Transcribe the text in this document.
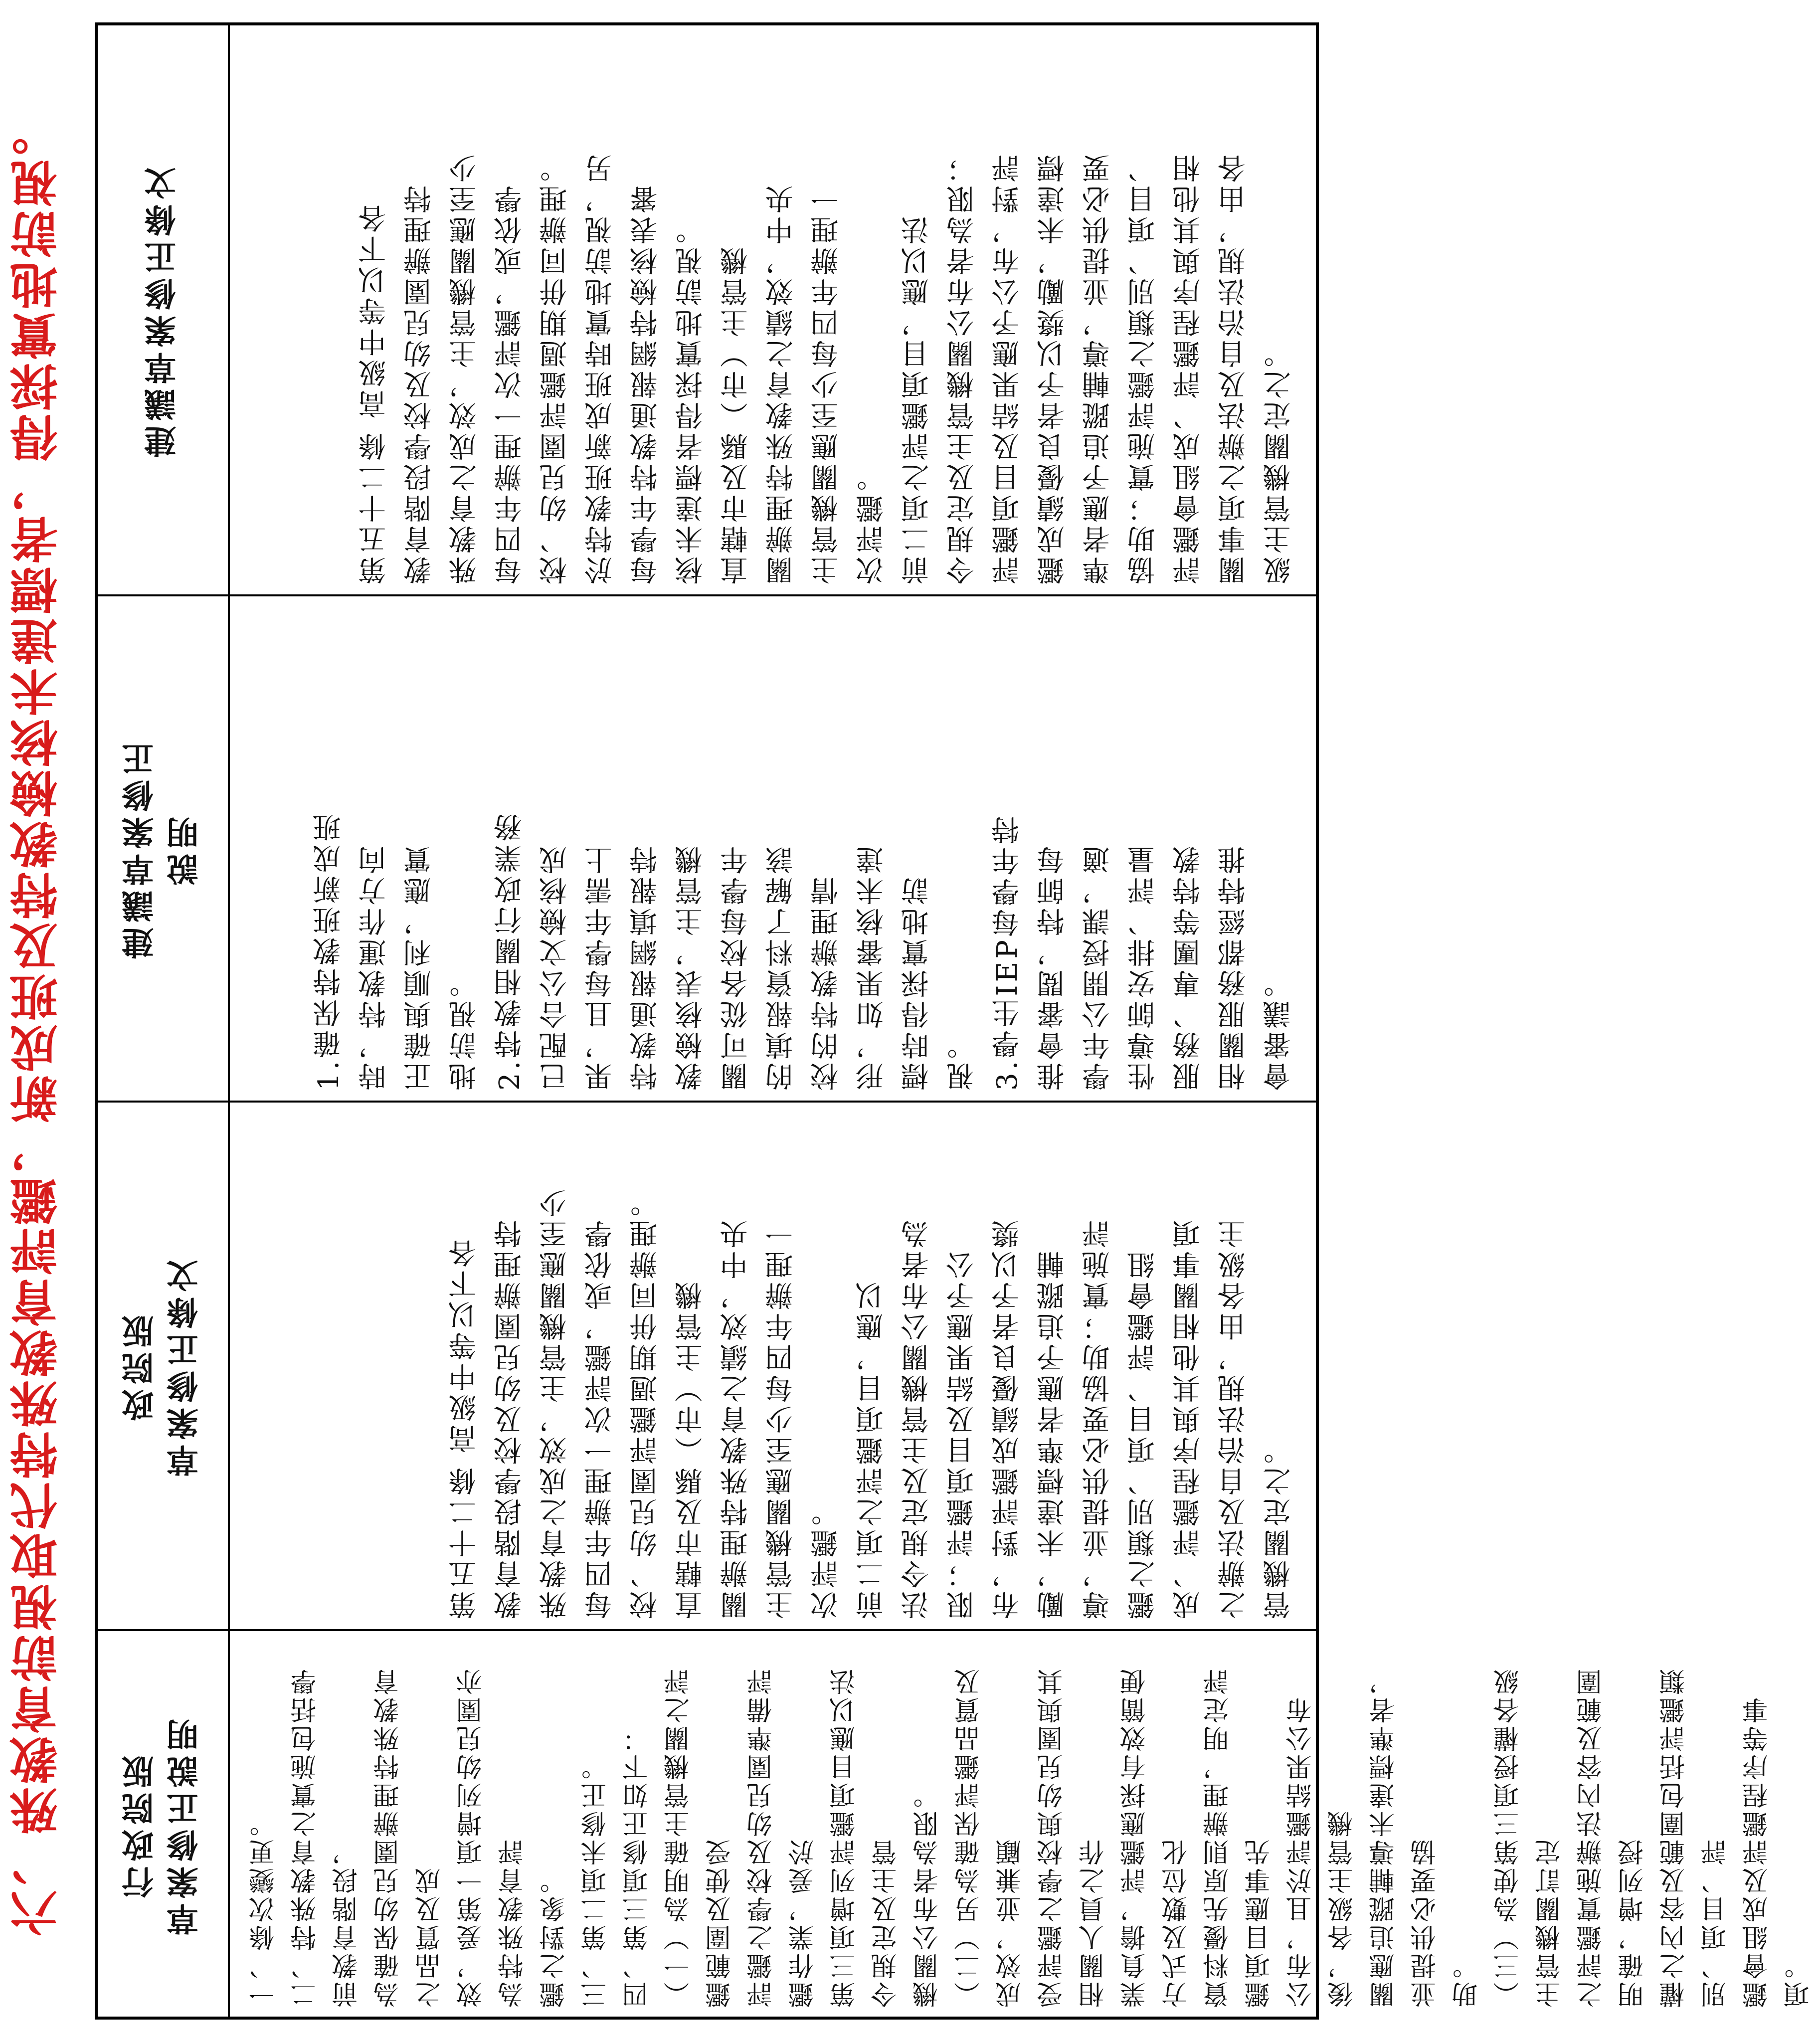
六、殊教育訪視取代特殊教育評鑑，新成班及特教檢核未達標者，得採實地訪視。 建議草案修正條文
第五十二條 高級中等以下各
教育階段學校及幼兒園辦理特
殊教育之成效，主管機關應至少
每四年辦理一次評鑑，或依學
校、幼兒園評鑑週期併同辦理。
於特教班新成班時實地訪視，另
每學年特教通報網特檢核表審
核未達標者得採實地訪視。
直轄市及縣（市）主管機
關辦理特殊教育之績效，中央
主管機關應至少每四年辦理一
次評鑑。
前二項之評鑑項目，應以法
令規定及主管機關公布者為限；
評鑑項目及結果應予公布，對評
鑑成績優良者予以獎勵，未達標
準者應予追蹤輔導，並提供必要
協助；實施評鑑之類別、項目、
評鑑會組成、評鑑程序與其他相
關事項之辦法及自治法規，由各
級主管機關定之。
建議草案修正
說明	1.確保特教班新成班
時，特教運作方向
正確與順利，應實
地訪視。
2.特教相關行政業務
已配合公文檢核成
果，且每學年需上
特教通報網填報特
教檢核表，主管機
關可從各校每學年
的填報資料了解該
校的特教辦理情
形，如果審核未達
標時得採實地訪
視。
3.學生IEP每學年特
推會審閱，特師每
學年公開授課，適
性導師安排、評量
服務、專團等特教
相關服務都經特推
會審議。
政院版
草案修正條文
第五十二條 高級中等以下各
教育階段學校及幼兒園辦理特
殊教育之成效，主管機關應至少
每四年辦理一次評鑑，或依學
校、幼兒園評鑑週期併同辦理。
直轄市及縣（市）主管機
關辦理特殊教育之績效，中央
主管機關應至少每四年辦理一
次評鑑。
前二項之評鑑項目，應以
法令規定及主管機關公布者為
限；評鑑項目及結果應予公
布，對評鑑成績優良者予以獎
勵，未達標準者應予追蹤輔
導，並提供必要協助；實施評
鑑之類別、項目、評鑑會組
成、評鑑程序與其他相關事項
之辦法及自治法規，由各級主
管機關定之。
行政院版
草案修正說明 一、條次變更。
二、特殊教育之實施包括學前教育階段，
為確保幼兒園辦理特殊教育之品質及成
效，爰第一項增列幼兒園亦為特殊教育評
鑑之對象。
三、第二項未修正。
四、第三項修正如下：
（一）為明確主管機關之評鑑範圍及使受
評鑑之學校及幼兒園準備評鑑作業，爰於
第三項增列評鑑項目應以法令規定及主管
機關公布者為限。
（二）另為確保評鑑品質及成效，並兼顧
受評鑑之學校與幼兒園與其相關人員之作
業負擔，評鑑應採有效簡便方式及數位化
資料優先原則辦理，明定評鑑項目應事先
公布，且於評鑑結果公布後，各級主管機
關應追蹤輔導未達標準者，並提供必要協
助。
（三）為使第三項授權各級主管機關訂定
之評鑑實施辦法內容及範圍明確，增列授
權之內容及範圍包括評鑑類別、項目、評
鑑會組成及評鑑程序等事項。
